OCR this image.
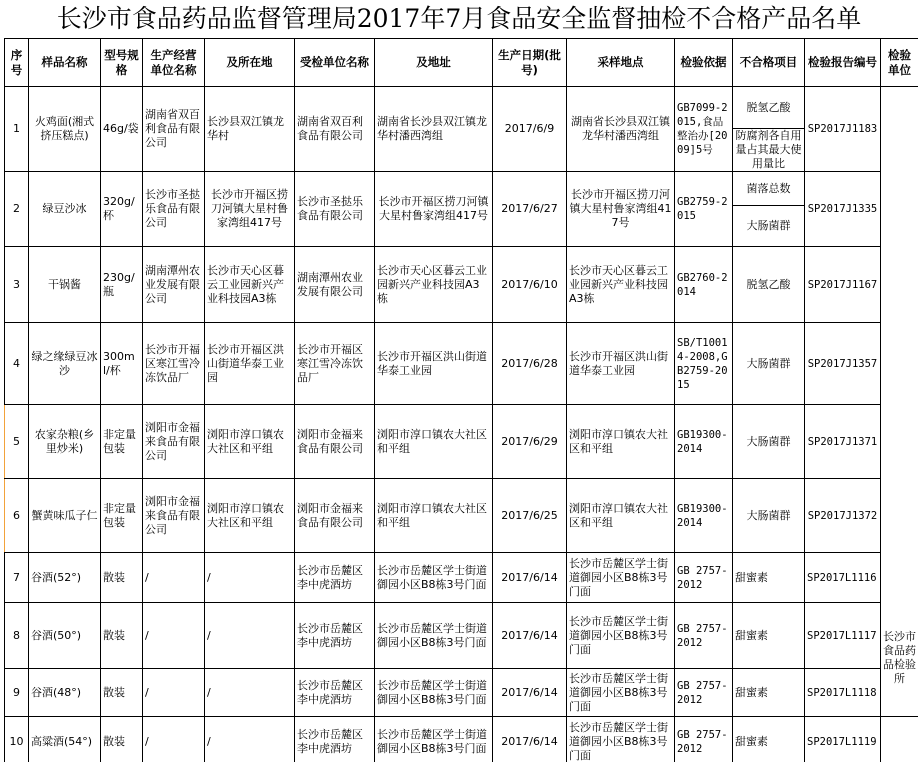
长沙市食品药品监督管理局2017年7月食品安全监督抽检不合格产品名单
序号	样品名称	型号规格	生产经营单位名称	及所在地	受检单位名称	及地址	生产日期(批号)	采样地点	检验依据	不合格项目	检验报告编号	检验单位
1	火鸡面(湘式挤压糕点)	46g/袋	湖南省双百利食品有限公司	长沙县双江镇龙华村	湖南省双百利食品有限公司	湖南省长沙县双江镇龙华村潘西湾组	2017/6/9	湖南省长沙县双江镇龙华村潘西湾组	GB7099-2015,食品整治办[2009]5号	脱氢乙酸	SP2017J1183	长沙市食品药品检验所
										防腐剂各自用量占其最大使用量比		
2	绿豆沙冰	320g/杯	长沙市圣挞乐食品有限公司	长沙市开福区捞刀河镇大星村鲁家湾组417号	长沙市圣挞乐食品有限公司	长沙市开福区捞刀河镇大星村鲁家湾组417号	2017/6/27	长沙市开福区捞刀河镇大星村鲁家湾组417号	GB2759-2015	菌落总数	SP2017J1335	
										大肠菌群		
3	干锅酱	230g/瓶	湖南潭州农业发展有限公司	长沙市天心区暮云工业园新兴产业科技园A3栋	湖南潭州农业发展有限公司	长沙市天心区暮云工业园新兴产业科技园A3栋	2017/6/10	长沙市天心区暮云工业园新兴产业科技园A3栋	GB2760-2014	脱氢乙酸	SP2017J1167	
4	绿之缘绿豆冰沙	300ml/杯	长沙市开福区寒江雪冷冻饮品厂	长沙市开福区洪山街道华泰工业园	长沙市开福区寒江雪冷冻饮品厂	长沙市开福区洪山街道华泰工业园	2017/6/28	长沙市开福区洪山街道华泰工业园	SB/T10014-2008,GB2759-2015	大肠菌群	SP2017J1357	
5	农家杂粮(乡里炒米)	非定量包装	浏阳市金福来食品有限公司	浏阳市淳口镇农大社区和平组	浏阳市金福来食品有限公司	浏阳市淳口镇农大社区和平组	2017/6/29	浏阳市淳口镇农大社区和平组	GB19300-2014	大肠菌群	SP2017J1371	
6	蟹黄味瓜子仁	非定量包装	浏阳市金福来食品有限公司	浏阳市淳口镇农大社区和平组	浏阳市金福来食品有限公司	浏阳市淳口镇农大社区和平组	2017/6/25	浏阳市淳口镇农大社区和平组	GB19300-2014	大肠菌群	SP2017J1372	
7	谷酒(52°)	散装	/	/	长沙市岳麓区李中虎酒坊	长沙市岳麓区学士街道御园小区B8栋3号门面	2017/6/14	长沙市岳麓区学士街道御园小区B8栋3号门面	GB 2757-2012	甜蜜素	SP2017L1116	
8	谷酒(50°)	散装	/	/	长沙市岳麓区李中虎酒坊	长沙市岳麓区学士街道御园小区B8栋3号门面	2017/6/14	长沙市岳麓区学士街道御园小区B8栋3号门面	GB 2757-2012	甜蜜素	SP2017L1117	
9	谷酒(48°)	散装	/	/	长沙市岳麓区李中虎酒坊	长沙市岳麓区学士街道御园小区B8栋3号门面	2017/6/14	长沙市岳麓区学士街道御园小区B8栋3号门面	GB 2757-2012	甜蜜素	SP2017L1118	
10	高粱酒(54°)	散装	/	/	长沙市岳麓区李中虎酒坊	长沙市岳麓区学士街道御园小区B8栋3号门面	2017/6/14	长沙市岳麓区学士街道御园小区B8栋3号门面	GB 2757-2012	甜蜜素	SP2017L1119	
